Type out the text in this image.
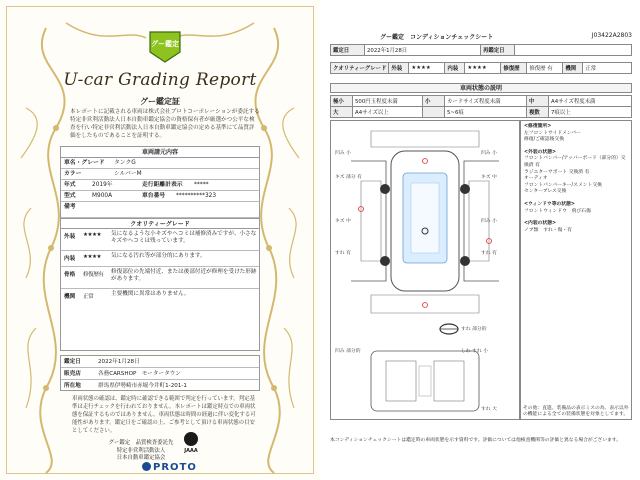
グー鑑定
U-car Grading Report
グー鑑定証
本レポートに記載される車両は株式会社プロトコーポレーションが委託する特定非営利活動法人日本自動車鑑定協会の資格保有者が厳選かつ公平な検査を行い特定非営利活動法人日本自動車鑑定協会の定める基準にて品質評価をしたものであることを証明する。
車両請元内容
車名・グレード	タンクG
カラー	シルバーM
年式	2019年	走行距離計表示	*****
型式	M900A	車台番号	**********323
備考
クオリティーグレード
外装	★★★★	気になるような小キズやヘコミは補修済みですが、小さなキズやヘコミは残っています。
内装	★★★★	気になる汚れ等が部分的にあります。
骨格	修復歴有	修復部位の先端付近、または後部付近が修理を受けた形跡があります。
機関	正常	主要機関に異常はありません。
鑑定日	2022年1月28日
販売店	各務CARSHOP　モータータウン
所在地	群馬県伊勢崎市赤堀今井町1-201-1
車両状態の確認は、鑑定時に確認できる範囲で判定を行っています。判定基準は走行チェックを行われておりません。本レポートは鑑定時点での車両状態を保証するものではありません。車両状態は時間の経過に伴い変化する可能性があります。鑑定日をご確認の上、ご参考として頂ける車両状態の目安としてください。
グー鑑定　品質検査委託先
特定非営利活動法人
日本自動車鑑定協会
JAAA
PROTO
グー鑑定　コンディションチェックシート	J03422A2803
鑑定日	2022年1月28日	再鑑定日	
クオリティーグレード	外装	★★★★	内装	★★★★	修復歴	修復歴 有	機関	正常
車両状態の説明
極小	500円玉程度未満	小	カードサイズ程度未満	中	A4サイズ程度未満
大	A4サイズ以上		5~6痕	複数	7痕以上
凹み 小	凹み 小
キズ 部分 有	キズ 中
キズ 中	凹み 小
すれ 有	すれ 有
すれ 部分的
凹み 部分的	しわ すれ 小
すれ 大
<修復箇所>
左フロントサイドメンバー
修復/ご確認後交換
<外装の状態>
フロントバンパー/アッパーボード（部分的）交換済 有
ラジエターサポート 交換済 有
オーディオ
フロントバンパーキー/スメント交換
センターブレス交換
<ウィンドウ等の状態>
フロントウィンドウ　飛び石傷
<内装の状態>
ノブ類　すれ・傷・有
その他：直進、装備品の表示ミスの為、表示以外の機能による全ての装備状態を対象としてます。
本コンディションチェックシートは鑑定時の車両状態を示す資料です。評価については他検査機関等の評価と異なる場合がございます。
